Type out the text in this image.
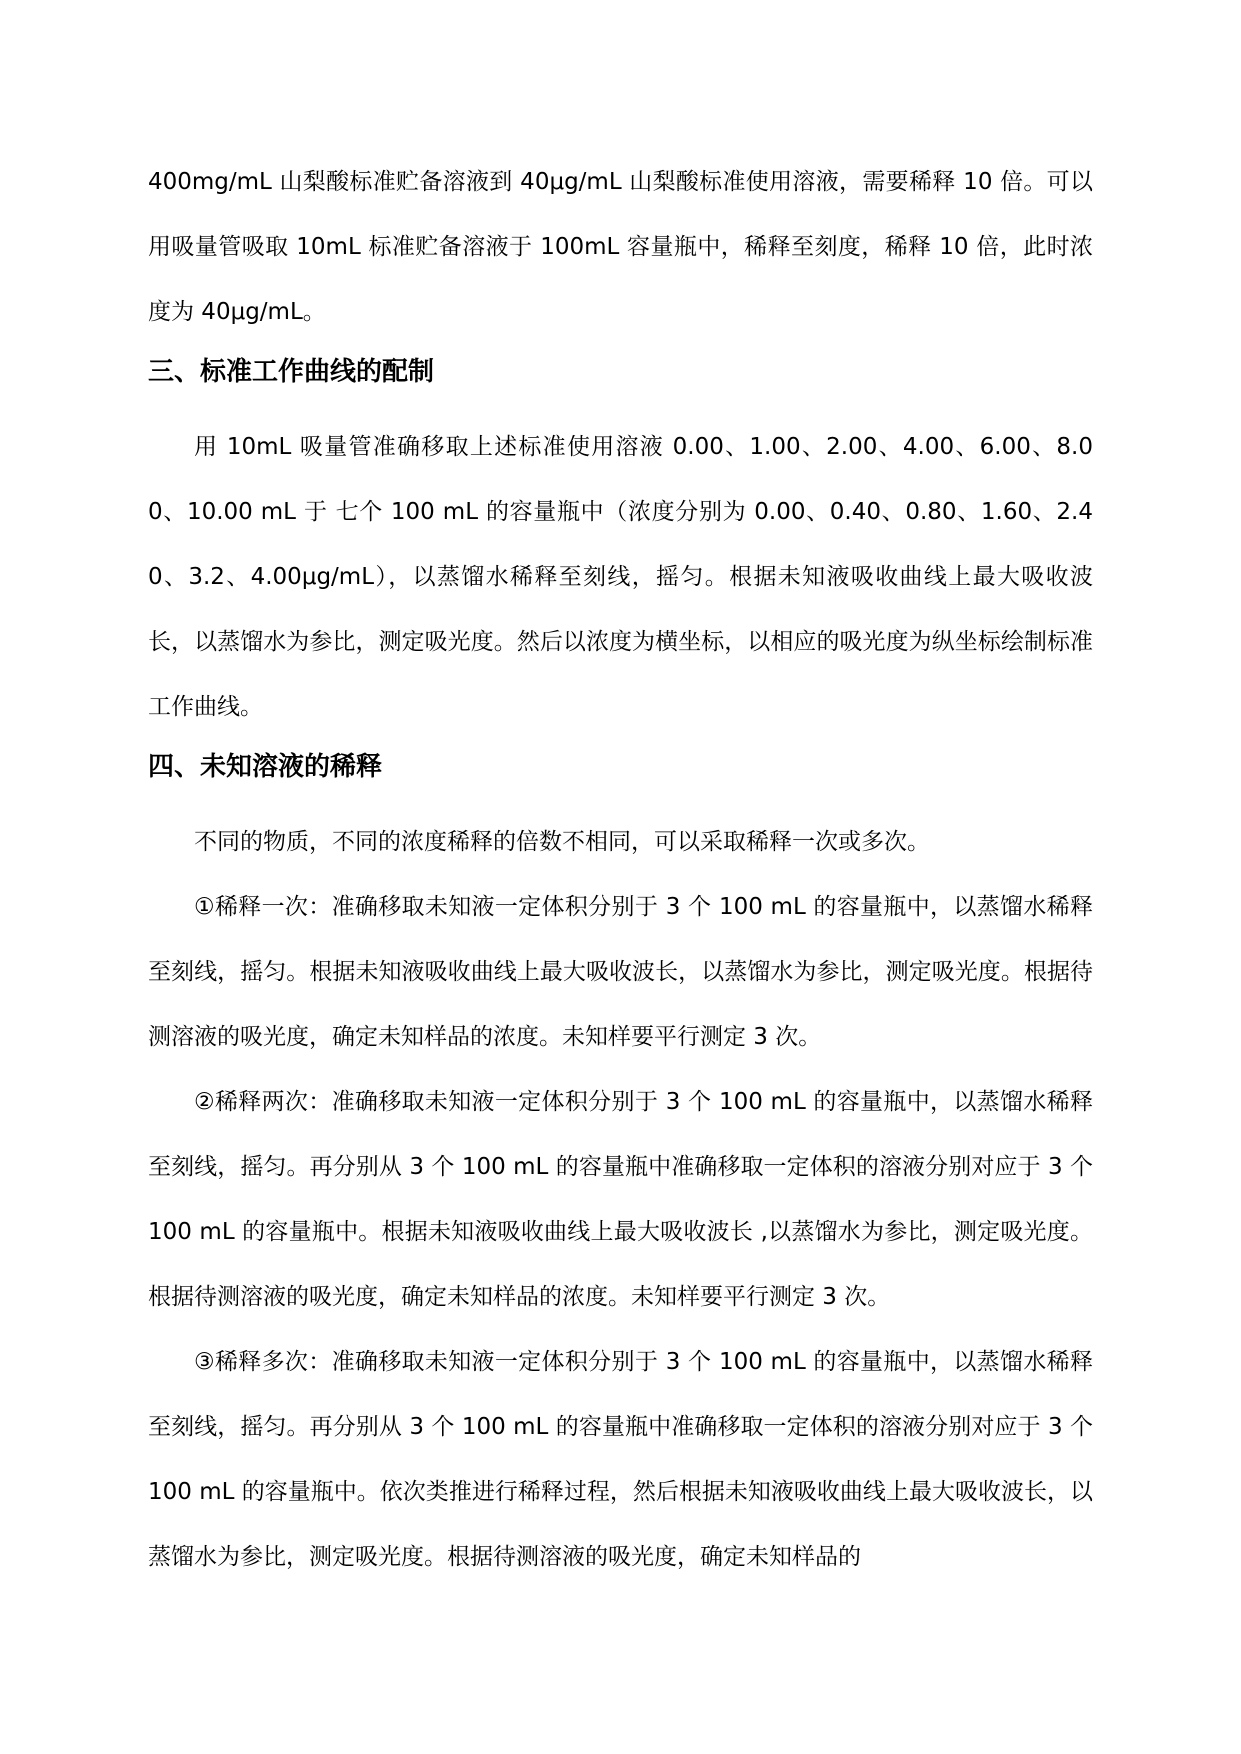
400mg/mL 山梨酸标准贮备溶液到 40μg/mL 山梨酸标准使用溶液，需要稀释 10 倍。可以用吸量管吸取 10mL 标准贮备溶液于 100mL 容量瓶中，稀释至刻度，稀释 10 倍，此时浓度为 40μg/mL。

三、标准工作曲线的配制

用 10mL 吸量管准确移取上述标准使用溶液 0.00、1.00、2.00、4.00、6.00、8.00、10.00 mL 于 七个 100 mL 的容量瓶中（浓度分别为 0.00、0.40、0.80、1.60、2.40、3.2、4.00μg/mL），以蒸馏水稀释至刻线，摇匀。根据未知液吸收曲线上最大吸收波长，以蒸馏水为参比，测定吸光度。然后以浓度为横坐标，以相应的吸光度为纵坐标绘制标准工作曲线。

四、未知溶液的稀释

不同的物质，不同的浓度稀释的倍数不相同，可以采取稀释一次或多次。

①稀释一次：准确移取未知液一定体积分别于 3 个 100 mL 的容量瓶中，以蒸馏水稀释至刻线，摇匀。根据未知液吸收曲线上最大吸收波长，以蒸馏水为参比，测定吸光度。根据待测溶液的吸光度，确定未知样品的浓度。未知样要平行测定 3 次。

②稀释两次：准确移取未知液一定体积分别于 3 个 100 mL 的容量瓶中，以蒸馏水稀释至刻线，摇匀。再分别从 3 个 100 mL 的容量瓶中准确移取一定体积的溶液分别对应于 3 个 100 mL 的容量瓶中。根据未知液吸收曲线上最大吸收波长 ,以蒸馏水为参比，测定吸光度。根据待测溶液的吸光度，确定未知样品的浓度。未知样要平行测定 3 次。

③稀释多次：准确移取未知液一定体积分别于 3 个 100 mL 的容量瓶中，以蒸馏水稀释至刻线，摇匀。再分别从 3 个 100 mL 的容量瓶中准确移取一定体积的溶液分别对应于 3 个 100 mL 的容量瓶中。依次类推进行稀释过程，然后根据未知液吸收曲线上最大吸收波长，以蒸馏水为参比，测定吸光度。根据待测溶液的吸光度，确定未知样品的
